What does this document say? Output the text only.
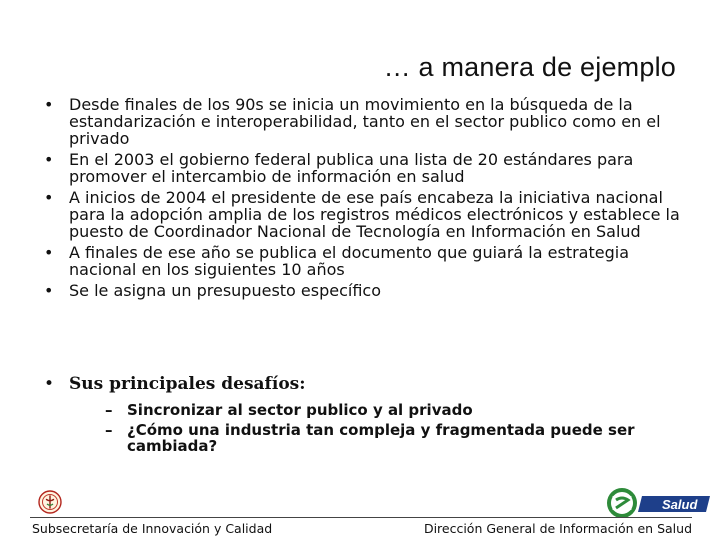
… a manera de ejemplo
• Desde finales de los 90s se inicia un movimiento en la búsqueda de la estandarización e interoperabilidad, tanto en el sector publico como en el privado
• En el 2003 el gobierno federal publica una lista de 20 estándares para promover el intercambio de información en salud
• A inicios de 2004 el presidente de ese país encabeza la iniciativa nacional para la adopción amplia de los registros médicos electrónicos y establece la puesto de Coordinador Nacional de Tecnología en Información en Salud
• A finales de ese año se publica el documento que guiará la estrategia nacional en los siguientes 10 años
• Se le asigna un presupuesto específico
• Sus principales desafíos:
– Sincronizar al sector publico y al privado
– ¿Cómo una industria tan compleja y fragmentada puede ser cambiada?
Salud
Subsecretaría de Innovación y Calidad	Dirección General de Información en Salud
